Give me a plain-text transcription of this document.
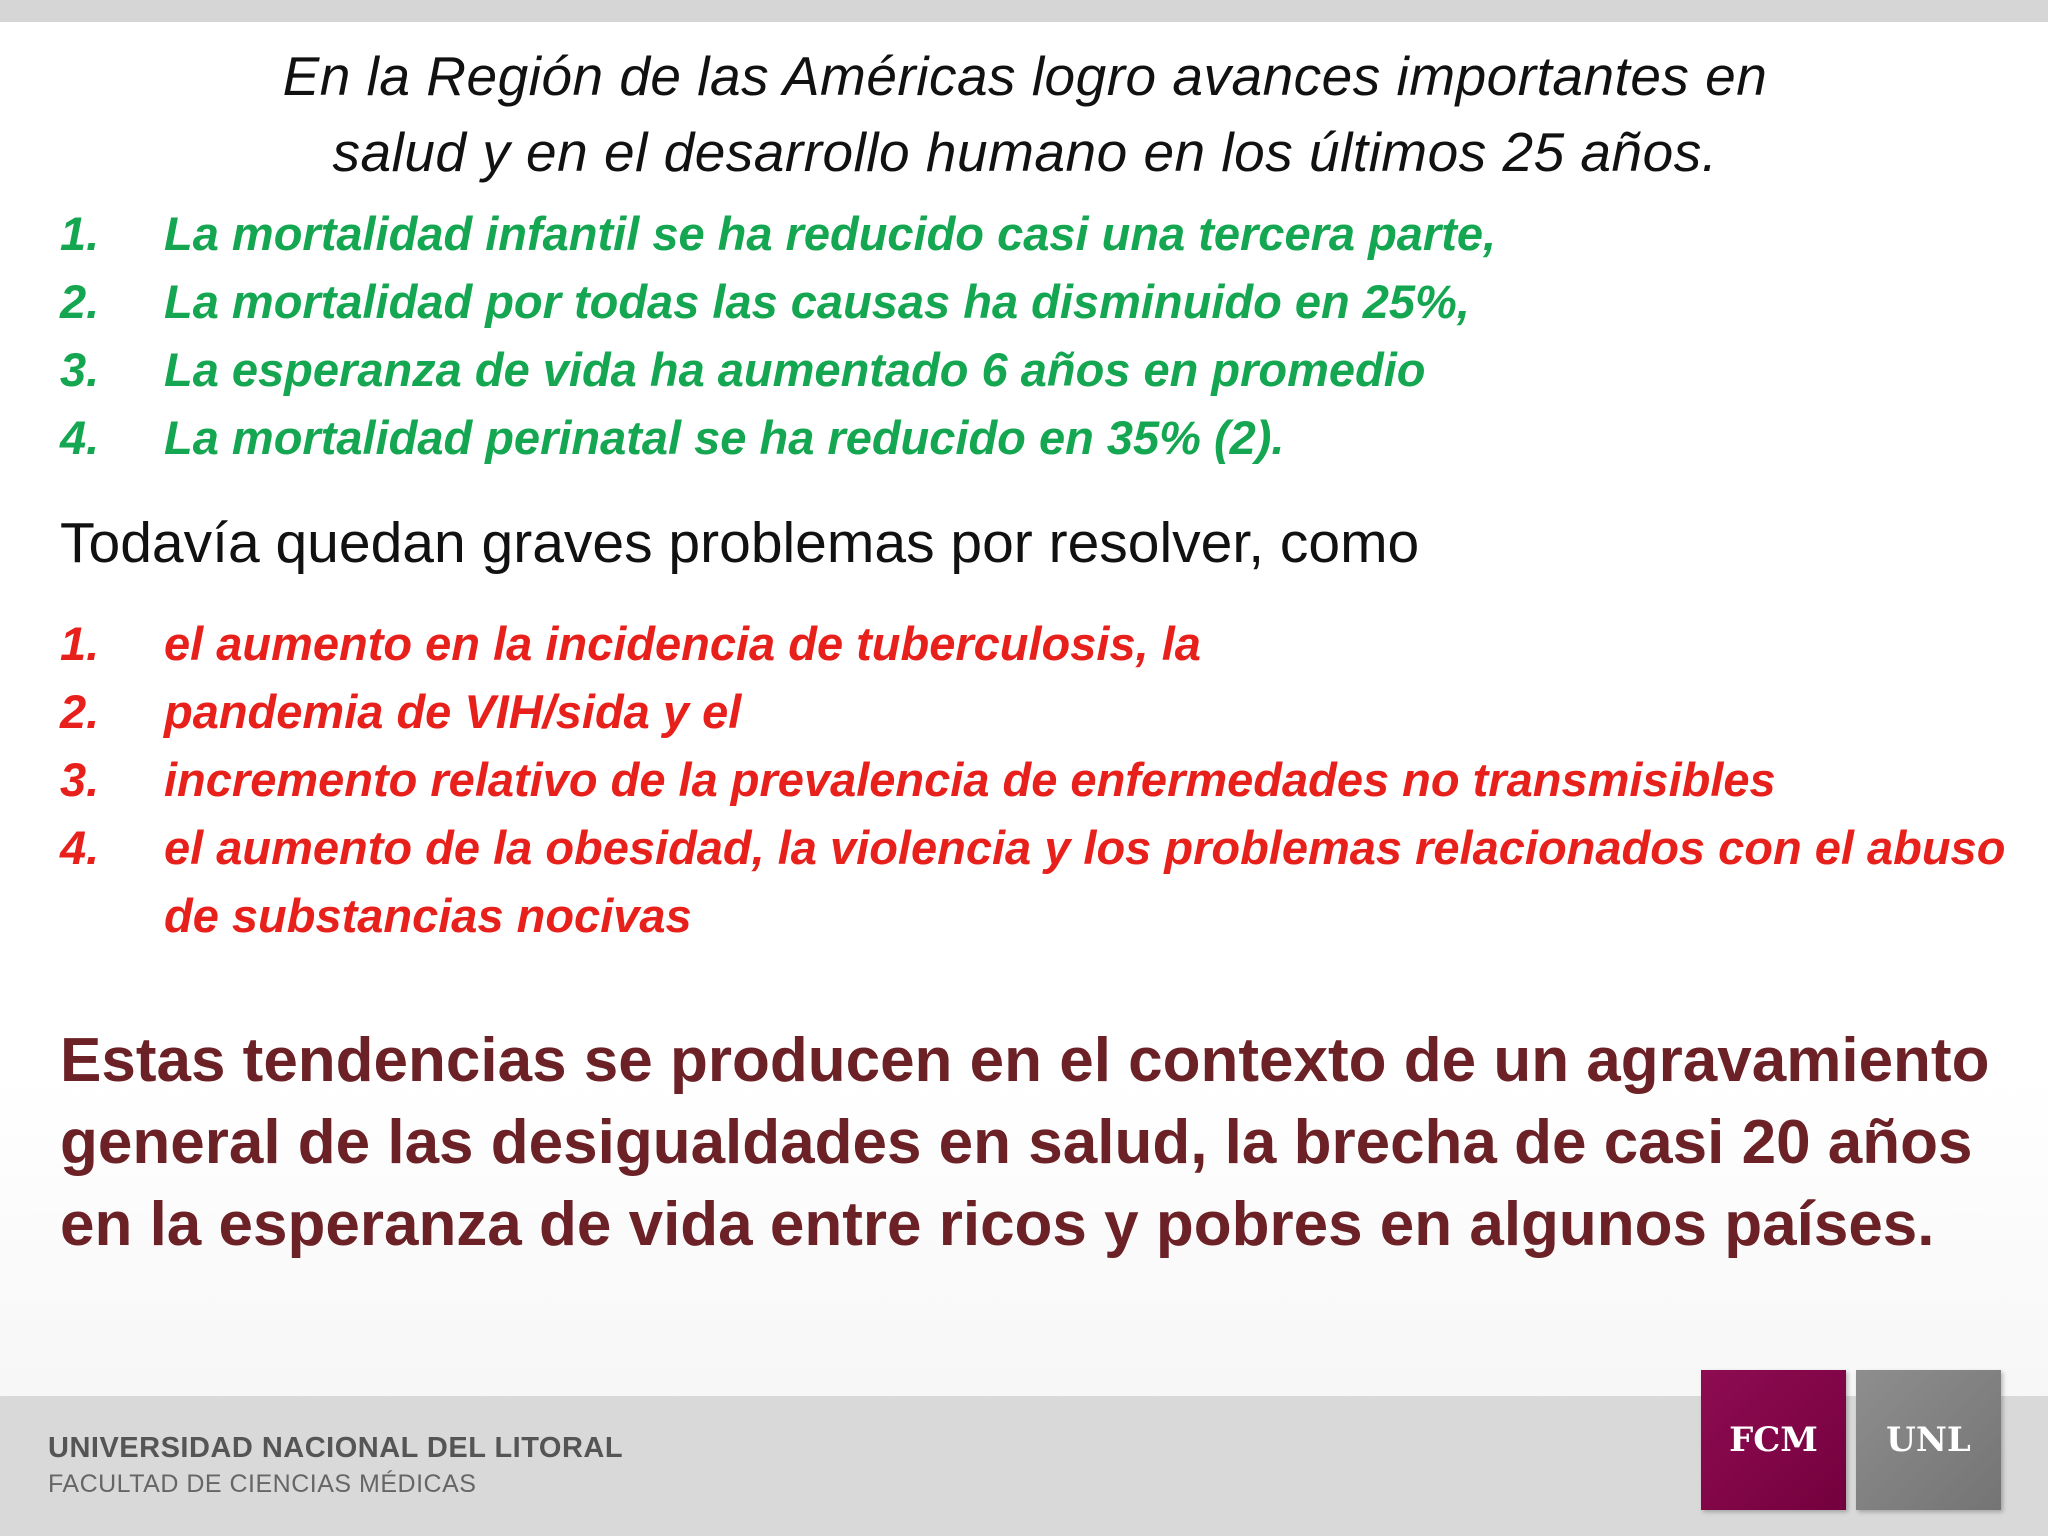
En la Región de las Américas logro avances importantes en
salud y en el desarrollo humano en los últimos 25 años.
1. La mortalidad infantil se ha reducido casi una tercera parte,
2. La mortalidad por todas las causas ha disminuido en 25%,
3. La esperanza de vida ha aumentado 6 años en promedio
4. La mortalidad perinatal se ha reducido en 35% (2).
Todavía quedan graves problemas por resolver, como
1. el aumento en la incidencia de tuberculosis, la
2. pandemia de VIH/sida y el
3. incremento relativo de la prevalencia de enfermedades no transmisibles
4. el aumento de la obesidad, la violencia y los problemas relacionados con el abuso de substancias nocivas
Estas tendencias se producen en el contexto de un agravamiento general de las desigualdades en salud, la brecha de casi 20 años en la esperanza de vida entre ricos y pobres en algunos países.
UNIVERSIDAD NACIONAL DEL LITORAL
FACULTAD DE CIENCIAS MÉDICAS
FCM UNL
